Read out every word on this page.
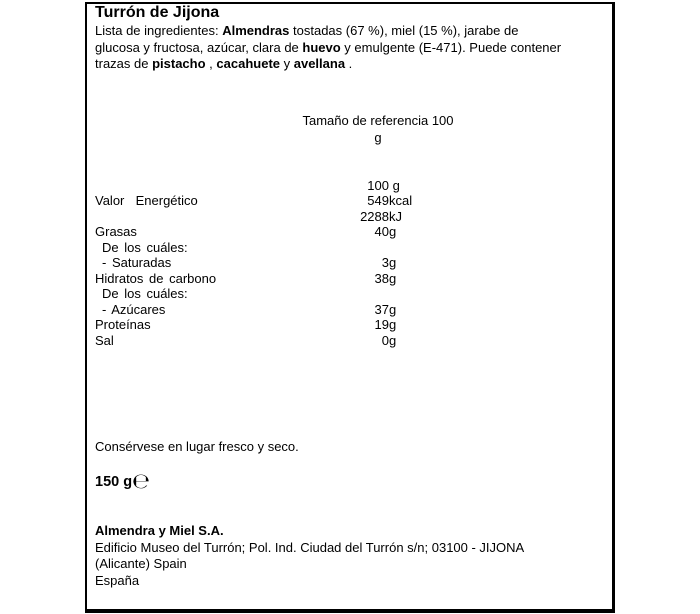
Turrón de Jijona
Lista de ingredientes: Almendras tostadas (67 %), miel (15 %), jarabe de
glucosa y fructosa, azúcar, clara de huevo y emulgente (E-471). Puede contener
trazas de pistacho , cacahuete y avellana .
Tamaño de referencia 100
g
100 g
Valor  Energético	549 kcal
2288 kJ
Grasas	40 g
De los cuáles:
- Saturadas	3 g
Hidratos de carbono	38 g
De los cuáles:
- Azúcares	37 g
Proteínas	19 g
Sal	0 g
Consérvese en lugar fresco y seco.
150 g℮
Almendra y Miel S.A.
Edificio Museo del Turrón; Pol. Ind. Ciudad del Turrón s/n; 03100 - JIJONA
(Alicante) Spain
España
